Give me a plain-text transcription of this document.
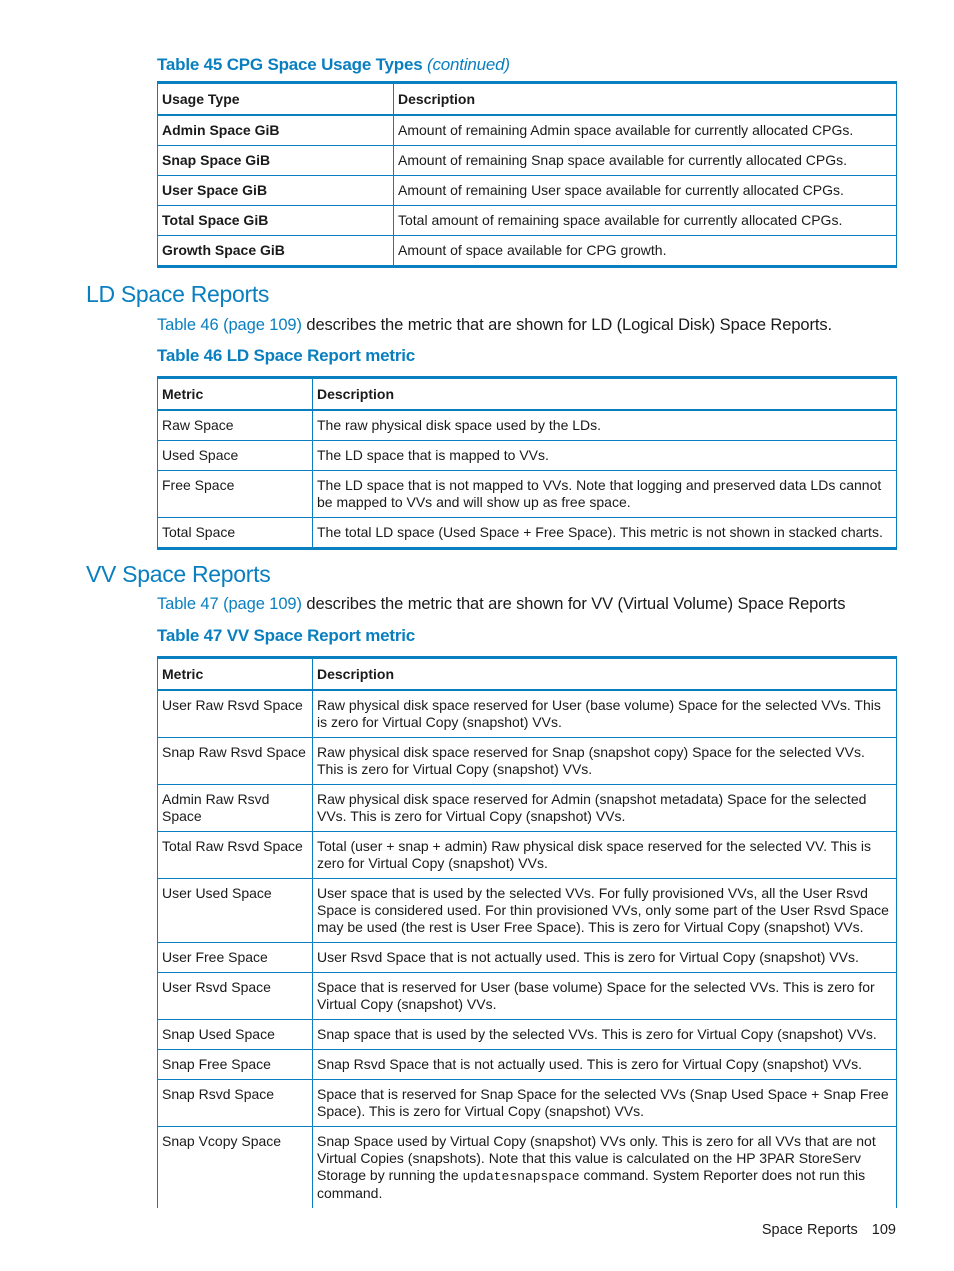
Table 45 CPG Space Usage Types (continued)
Usage Type	Description
Admin Space GiB	Amount of remaining Admin space available for currently allocated CPGs.
Snap Space GiB	Amount of remaining Snap space available for currently allocated CPGs.
User Space GiB	Amount of remaining User space available for currently allocated CPGs.
Total Space GiB	Total amount of remaining space available for currently allocated CPGs.
Growth Space GiB	Amount of space available for CPG growth.
LD Space Reports
Table 46 (page 109) describes the metric that are shown for LD (Logical Disk) Space Reports.
Table 46 LD Space Report metric
Metric	Description
Raw Space	The raw physical disk space used by the LDs.
Used Space	The LD space that is mapped to VVs.
Free Space	The LD space that is not mapped to VVs. Note that logging and preserved data LDs cannot be mapped to VVs and will show up as free space.
Total Space	The total LD space (Used Space + Free Space). This metric is not shown in stacked charts.
VV Space Reports
Table 47 (page 109) describes the metric that are shown for VV (Virtual Volume) Space Reports
Table 47 VV Space Report metric
Metric	Description
User Raw Rsvd Space	Raw physical disk space reserved for User (base volume) Space for the selected VVs. This is zero for Virtual Copy (snapshot) VVs.
Snap Raw Rsvd Space	Raw physical disk space reserved for Snap (snapshot copy) Space for the selected VVs. This is zero for Virtual Copy (snapshot) VVs.
Admin Raw Rsvd Space	Raw physical disk space reserved for Admin (snapshot metadata) Space for the selected VVs. This is zero for Virtual Copy (snapshot) VVs.
Total Raw Rsvd Space	Total (user + snap + admin) Raw physical disk space reserved for the selected VV. This is zero for Virtual Copy (snapshot) VVs.
User Used Space	User space that is used by the selected VVs. For fully provisioned VVs, all the User Rsvd Space is considered used. For thin provisioned VVs, only some part of the User Rsvd Space may be used (the rest is User Free Space). This is zero for Virtual Copy (snapshot) VVs.
User Free Space	User Rsvd Space that is not actually used. This is zero for Virtual Copy (snapshot) VVs.
User Rsvd Space	Space that is reserved for User (base volume) Space for the selected VVs. This is zero for Virtual Copy (snapshot) VVs.
Snap Used Space	Snap space that is used by the selected VVs. This is zero for Virtual Copy (snapshot) VVs.
Snap Free Space	Snap Rsvd Space that is not actually used. This is zero for Virtual Copy (snapshot) VVs.
Snap Rsvd Space	Space that is reserved for Snap Space for the selected VVs (Snap Used Space + Snap Free Space). This is zero for Virtual Copy (snapshot) VVs.
Snap Vcopy Space	Snap Space used by Virtual Copy (snapshot) VVs only. This is zero for all VVs that are not Virtual Copies (snapshots). Note that this value is calculated on the HP 3PAR StoreServ Storage by running the updatesnapspace command. System Reporter does not run this command.
Space Reports 109
